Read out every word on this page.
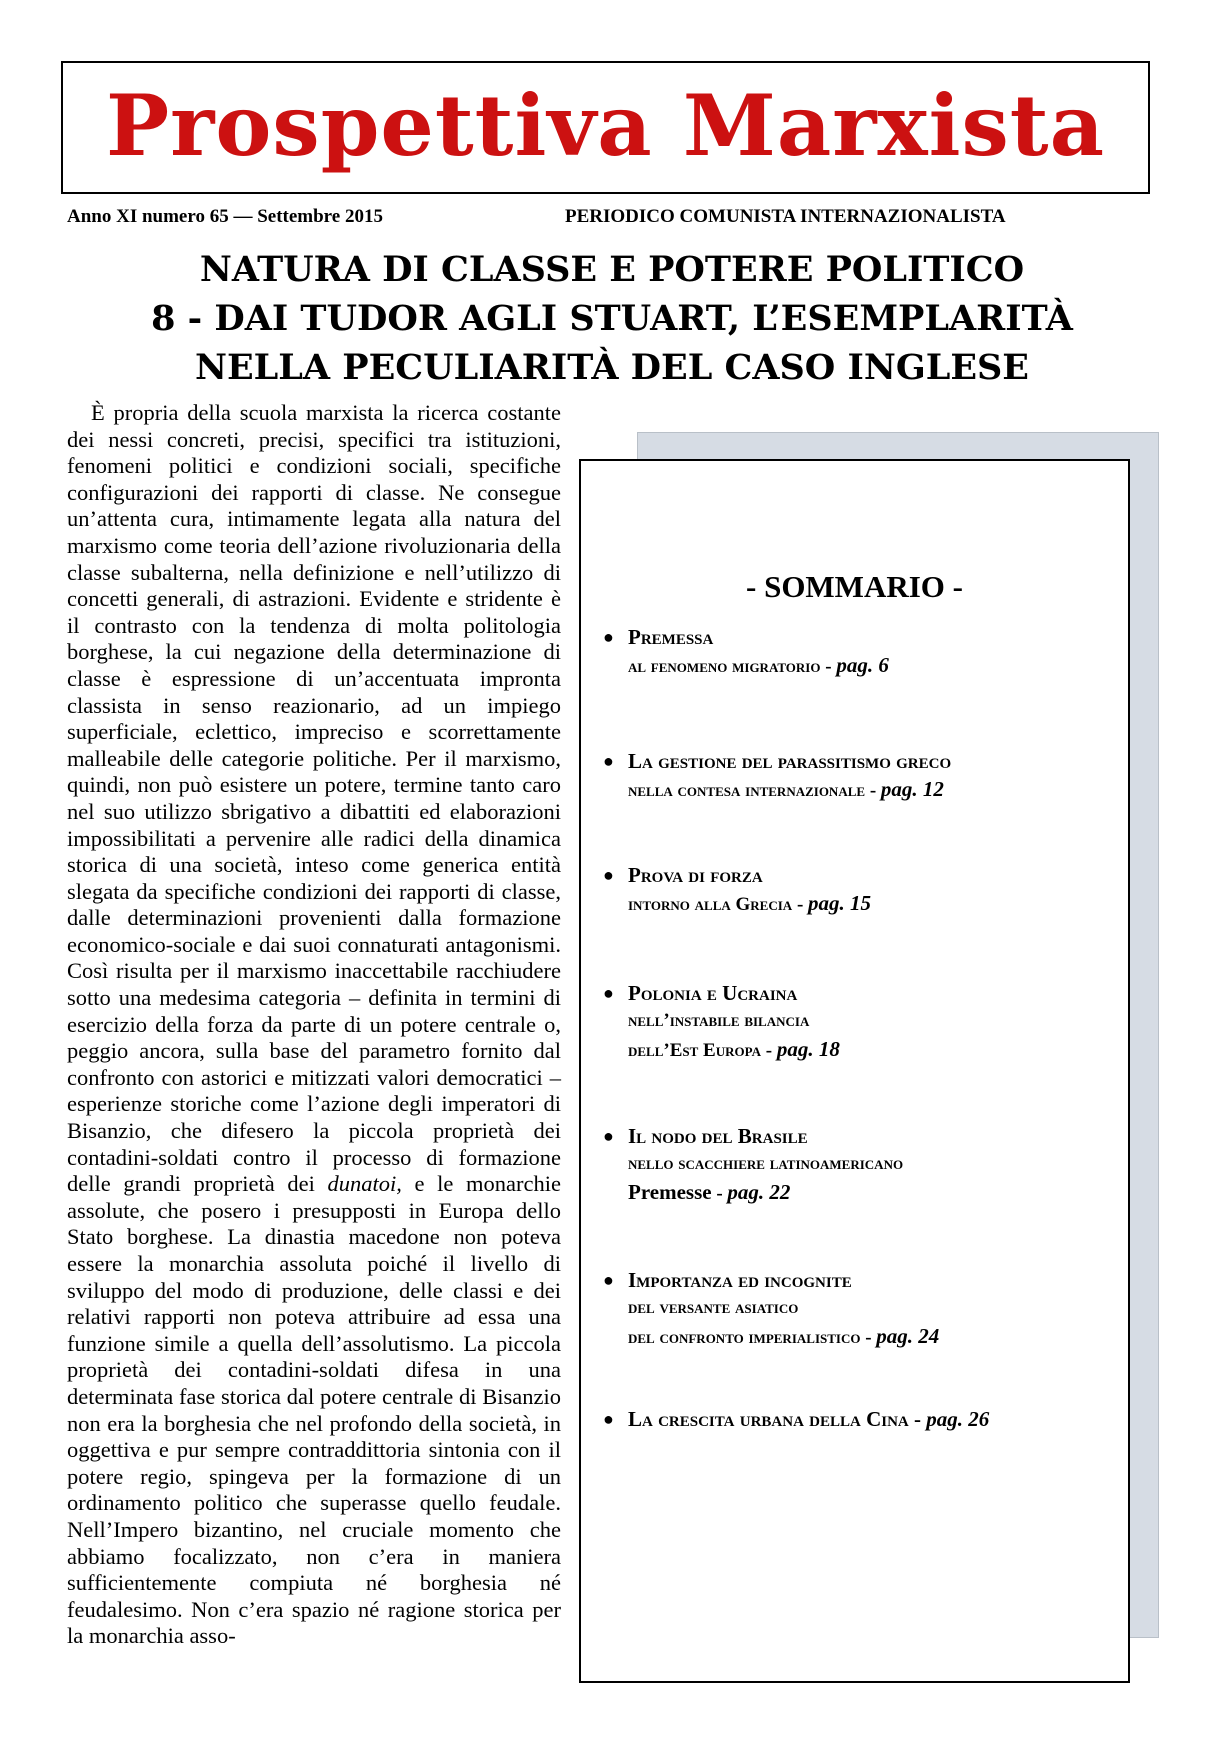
Prospettiva Marxista
Anno XI numero 65 — Settembre 2015	PERIODICO COMUNISTA INTERNAZIONALISTA
NATURA DI CLASSE E POTERE POLITICO
8 - DAI TUDOR AGLI STUART, L’ESEMPLARITÀ
NELLA PECULIARITÀ DEL CASO INGLESE

È propria della scuola marxista la ricerca costante dei nessi concreti, precisi, specifici tra istituzioni, fenomeni politici e condizioni sociali, specifiche configurazioni dei rapporti di classe. Ne consegue un’attenta cura, intimamente legata alla natura del marxismo come teoria dell’azione rivoluzionaria della classe subalterna, nella definizione e nell’utilizzo di concetti generali, di astrazioni. Evidente e stridente è il contrasto con la tendenza di molta politologia borghese, la cui negazione della determinazione di classe è espressione di un’accentuata impronta classista in senso reazionario, ad un impiego superficiale, eclettico, impreciso e scorrettamente malleabile delle categorie politiche. Per il marxismo, quindi, non può esistere un potere, termine tanto caro nel suo utilizzo sbrigativo a dibattiti ed elaborazioni impossibilitati a pervenire alle radici della dinamica storica di una società, inteso come generica entità slegata da specifiche condizioni dei rapporti di classe, dalle determinazioni provenienti dalla formazione economico-sociale e dai suoi connaturati antagonismi. Così risulta per il marxismo inaccettabile racchiudere sotto una medesima categoria – definita in termini di esercizio della forza da parte di un potere centrale o, peggio ancora, sulla base del parametro fornito dal confronto con astorici e mitizzati valori democratici – esperienze storiche come l’azione degli imperatori di Bisanzio, che difesero la piccola proprietà dei contadini-soldati contro il processo di formazione delle grandi proprietà dei dunatoi, e le monarchie assolute, che posero i presupposti in Europa dello Stato borghese. La dinastia macedone non poteva essere la monarchia assoluta poiché il livello di sviluppo del modo di produzione, delle classi e dei relativi rapporti non poteva attribuire ad essa una funzione simile a quella dell’assolutismo. La piccola proprietà dei contadini-soldati difesa in una determinata fase storica dal potere centrale di Bisanzio non era la borghesia che nel profondo della società, in oggettiva e pur sempre contraddittoria sintonia con il potere regio, spingeva per la formazione di un ordinamento politico che superasse quello feudale. Nell’Impero bizantino, nel cruciale momento che abbiamo focalizzato, non c’era in maniera sufficientemente compiuta né borghesia né feudalesimo. Non c’era spazio né ragione storica per la monarchia asso-

- SOMMARIO -
● Premessa
al fenomeno migratorio - pag. 6
● La gestione del parassitismo greco
nella contesa internazionale - pag. 12
● Prova di forza
intorno alla Grecia - pag. 15
● Polonia e Ucraina
nell’instabile bilancia
dell’Est Europa - pag. 18
● Il nodo del Brasile
nello scacchiere latinoamericano
Premesse - pag. 22
● Importanza ed incognite
del versante asiatico
del confronto imperialistico - pag. 24
● La crescita urbana della Cina - pag. 26
